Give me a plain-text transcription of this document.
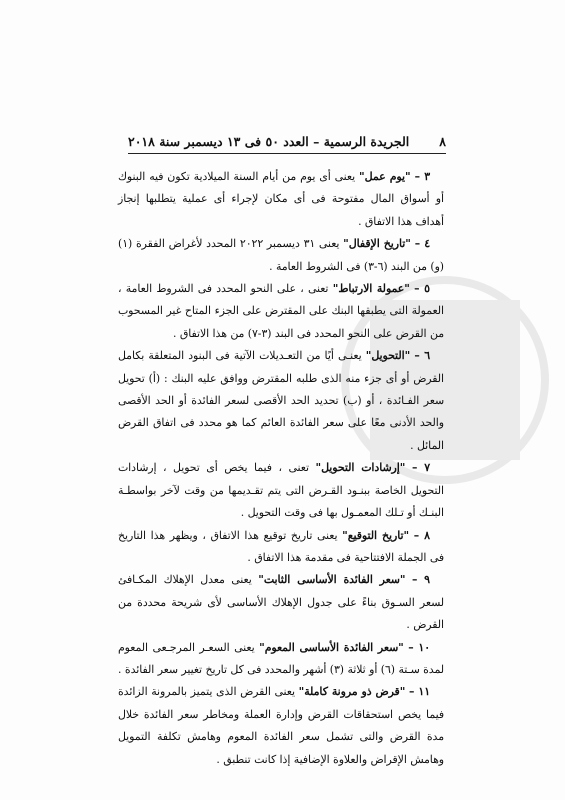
٨
الجريدة الرسمية – العدد ٥٠ فى ١٣ ديسمبر سنة ٢٠١٨

٣ – "يوم عمل" يعنى أى يوم من أيام السنة الميلادية تكون فيه البنوك أو أسواق المال مفتوحة فى أى مكان لإجراء أى عملية يتطلبها إنجاز أهداف هذا الاتفاق .

٤ – "تاريخ الإقفال" يعنى ٣١ ديسمبر ٢٠٢٢ المحدد لأغراض الفقرة (١) (و) من البند (٦-٣) فى الشروط العامة .

٥ – "عمولة الارتباط" تعنى ، على النحو المحدد فى الشروط العامة ، العمولة التى يطبقها البنك على المقترض على الجزء المتاح غير المسحوب من القرض على النحو المحدد فى البند (٣-٧) من هذا الاتفاق .

٦ – "التحويل" يعنـى أيًا من التعـديلات الآتية فى البنود المتعلقة بكامل القرض أو أى جزء منه الذى طلبه المقترض ووافق عليه البنك : (أ) تحويل سعر الفـائدة ، أو (ب) تحديد الحد الأقصى لسعر الفائدة أو الحد الأقصى والحد الأدنى معًا على سعر الفائدة العائم كما هو محدد فى اتفاق القرض المائل .

٧ – "إرشادات التحويل" تعنى ، فيما يخص أى تحويل ، إرشادات التحويل الخاصة ببنـود القـرض التى يتم تقـديمها من وقت لآخر بواسطـة البنـك أو تـلك المعمـول بها فى وقت التحويل .

٨ – "تاريخ التوقيع" يعنى تاريخ توقيع هذا الاتفاق ، ويظهر هذا التاريخ فى الجملة الافتتاحية فى مقدمة هذا الاتفاق .

٩ – "سعر الفائدة الأساسى الثابت" يعنى معدل الإهلاك المكـافئ لسعر السـوق بناءً على جدول الإهلاك الأساسى لأى شريحة محددة من القرض .

١٠ – "سعر الفائدة الأساسى المعوم" يعنى السعـر المرجـعى المعوم لمدة سـتة (٦) أو ثلاثة (٣) أشهر والمحدد فى كل تاريخ تغيير سعر الفائدة .

١١ – "قرض ذو مرونة كاملة" يعنى القرض الذى يتميز بالمرونة الزائدة فيما يخص استحقاقات القرض وإدارة العملة ومخاطر سعر الفائدة خلال مدة القرض والتى تشمل سعر الفائدة المعوم وهامش تكلفة التمويل وهامش الإقراض والعلاوة الإضافية إذا كانت تنطبق .
